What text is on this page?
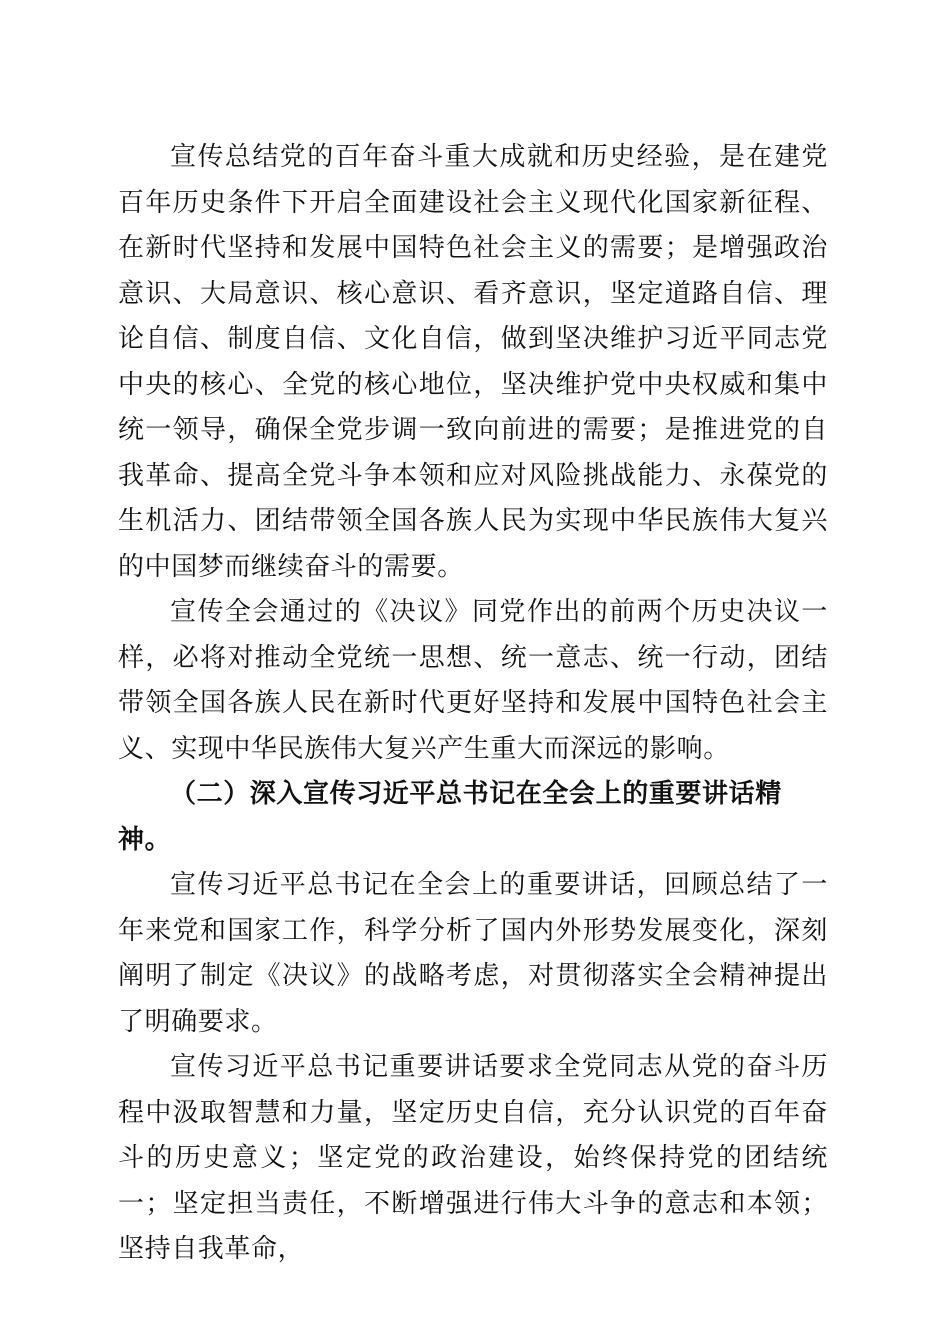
宣传总结党的百年奋斗重大成就和历史经验，是在建党百年历史条件下开启全面建设社会主义现代化国家新征程、在新时代坚持和发展中国特色社会主义的需要；是增强政治意识、大局意识、核心意识、看齐意识，坚定道路自信、理论自信、制度自信、文化自信，做到坚决维护习近平同志党中央的核心、全党的核心地位，坚决维护党中央权威和集中统一领导，确保全党步调一致向前进的需要；是推进党的自我革命、提高全党斗争本领和应对风险挑战能力、永葆党的生机活力、团结带领全国各族人民为实现中华民族伟大复兴的中国梦而继续奋斗的需要。

宣传全会通过的《决议》同党作出的前两个历史决议一样，必将对推动全党统一思想、统一意志、统一行动，团结带领全国各族人民在新时代更好坚持和发展中国特色社会主义、实现中华民族伟大复兴产生重大而深远的影响。

（二）深入宣传习近平总书记在全会上的重要讲话精神。

宣传习近平总书记在全会上的重要讲话，回顾总结了一年来党和国家工作，科学分析了国内外形势发展变化，深刻阐明了制定《决议》的战略考虑，对贯彻落实全会精神提出了明确要求。

宣传习近平总书记重要讲话要求全党同志从党的奋斗历程中汲取智慧和力量，坚定历史自信，充分认识党的百年奋斗的历史意义；坚定党的政治建设，始终保持党的团结统一；坚定担当责任，不断增强进行伟大斗争的意志和本领；坚持自我革命，
